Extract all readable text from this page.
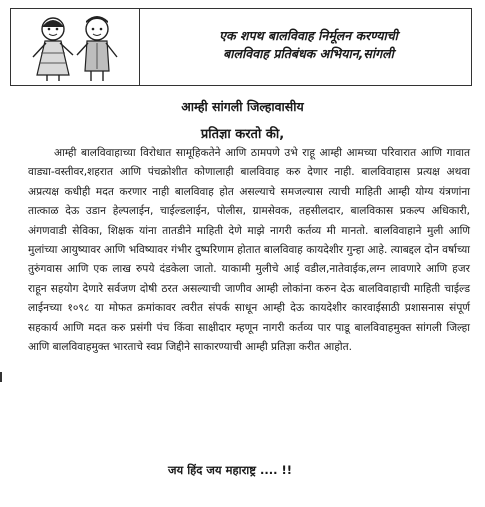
एक शपथ बालविवाह निर्मूलन करण्याची
बालविवाह प्रतिबंधक अभियान,सांगली
आम्ही सांगली जिल्हावासीय
प्रतिज्ञा करतो की,
आम्ही बालविवाहाच्या विरोधात सामूहिकतेने आणि ठामपणे उभे राहू आम्ही आमच्या परिवारात आणि गावात वाड्या-वस्तीवर,शहरात आणि पंचक्रोशीत कोणालाही बालविवाह करु देणार नाही. बालविवाहास प्रत्यक्ष अथवा अप्रत्यक्ष कधीही मदत करणार नाही बालविवाह होत असल्याचे समजल्यास त्याची माहिती आम्ही योग्य यंत्रणांना तात्काळ देऊ उडान हेल्पलाईन, चाईल्डलाईन, पोलीस, ग्रामसेवक, तहसीलदार, बालविकास प्रकल्प अधिकारी, अंगणवाडी सेविका, शिक्षक यांना तातडीने माहिती देणे माझे नागरी कर्तव्य मी मानतो. बालविवाहाने मुली आणि मुलांच्या आयुष्यावर आणि भविष्यावर गंभीर दुष्परिणाम होतात बालविवाह कायदेशीर गुन्हा आहे. त्याबद्दल दोन वर्षाच्या तुरुंगवास आणि एक लाख रुपये दंडकेला जातो. याकामी मुलीचे आई वडील,नातेवाईक,लग्न लावणारे आणि हजर राहून सहयोग देणारे सर्वजण दोषी ठरत असल्याची जाणीव आम्ही लोकांना करुन देऊ बालविवाहाची माहिती चाईल्ड लाईनच्या १०९८ या मोफत क्रमांकावर त्वरीत संपर्क साधून आम्ही देऊ कायदेशीर कारवाईसाठी प्रशासनास संपूर्ण सहकार्य आणि मदत करु प्रसंगी पंच किंवा साक्षीदार म्हणून नागरी कर्तव्य पार पाडू बालविवाहमुक्त सांगली जिल्हा आणि बालविवाहमुक्त भारताचे स्वप्न जिद्दीने साकारण्याची आम्ही प्रतिज्ञा करीत आहोत.
जय हिंद जय महाराष्ट्र .... !!
